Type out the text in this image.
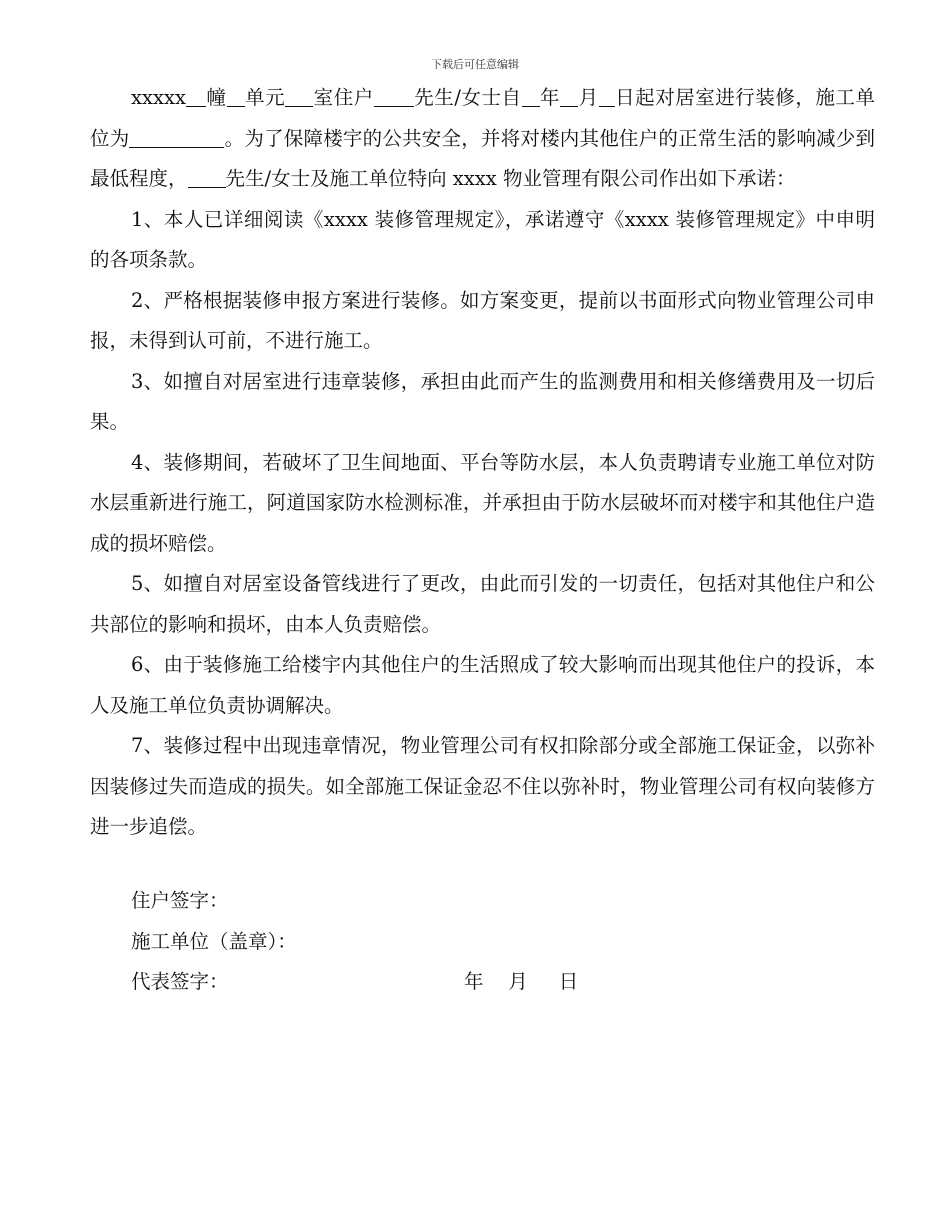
下载后可任意编辑

xxxxx 幢 单元 室住户 先生/女士自 年 月 日起对居室进行装修，施工单位为	。为了保障楼宇的公共安全，并将对楼内其他住户的正常生活的影响减少到最低程度， 先生/女士及施工单位特向 xxxx 物业管理有限公司作出如下承诺：

1、本人已详细阅读《xxxx 装修管理规定》，承诺遵守《xxxx 装修管理规定》中申明的各项条款。

2、严格根据装修申报方案进行装修。如方案变更，提前以书面形式向物业管理公司申报，未得到认可前，不进行施工。

3、如擅自对居室进行违章装修，承担由此而产生的监测费用和相关修缮费用及一切后果。

4、装修期间，若破坏了卫生间地面、平台等防水层，本人负责聘请专业施工单位对防水层重新进行施工，阿道国家防水检测标准，并承担由于防水层破坏而对楼宇和其他住户造成的损坏赔偿。

5、如擅自对居室设备管线进行了更改，由此而引发的一切责任，包括对其他住户和公共部位的影响和损坏，由本人负责赔偿。

6、由于装修施工给楼宇内其他住户的生活照成了较大影响而出现其他住户的投诉，本人及施工单位负责协调解决。

7、装修过程中出现违章情况，物业管理公司有权扣除部分或全部施工保证金，以弥补因装修过失而造成的损失。如全部施工保证金忍不住以弥补时，物业管理公司有权向装修方进一步追偿。

住户签字：
施工单位（盖章）：
代表签字：	年    月     日
